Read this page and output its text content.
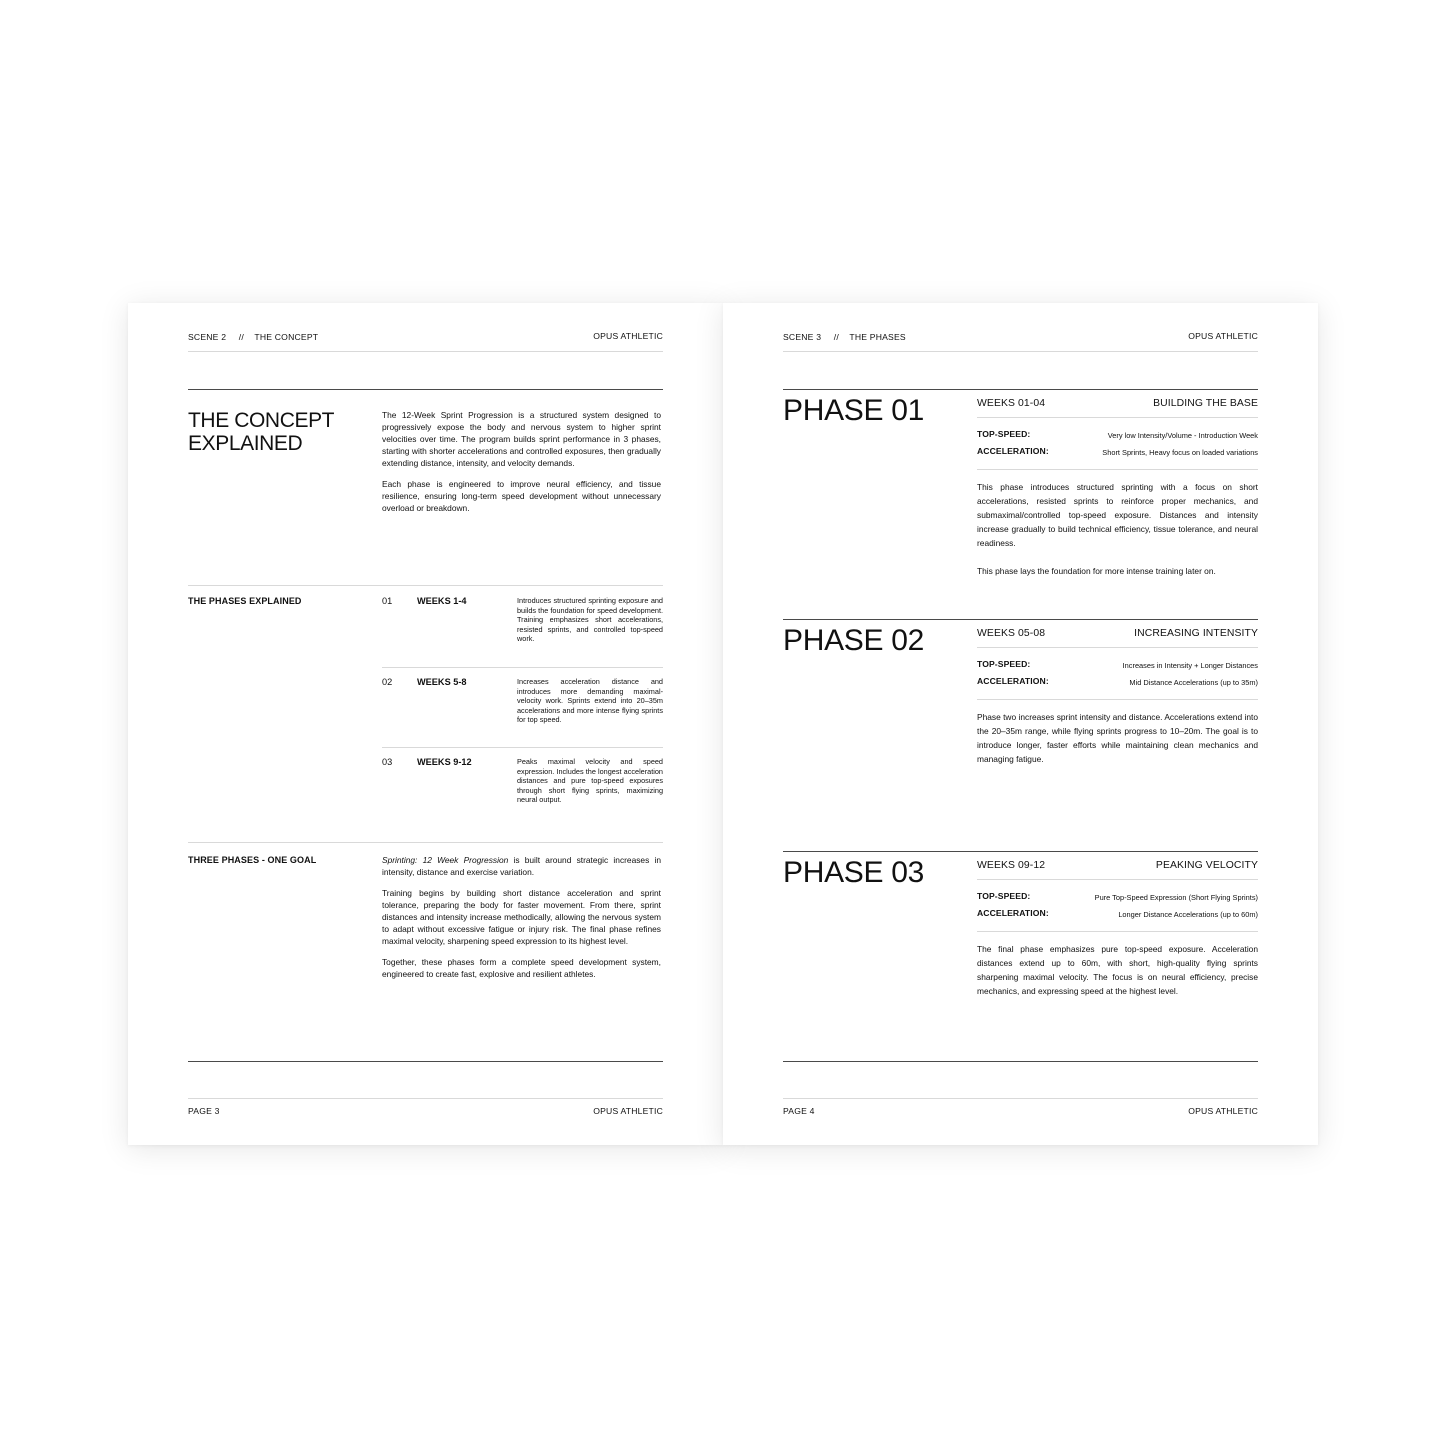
SCENE 2 // THE CONCEPT	OPUS ATHLETIC
THE CONCEPT
EXPLAINED

The 12-Week Sprint Progression is a structured system designed to progressively expose the body and nervous system to higher sprint velocities over time. The program builds sprint performance in 3 phases, starting with shorter accelerations and controlled exposures, then gradually extending distance, intensity, and velocity demands.

Each phase is engineered to improve neural efficiency, and tissue resilience, ensuring long-term speed development without unnecessary overload or breakdown.

THE PHASES EXPLAINED	01	WEEKS 1-4	Introduces structured sprinting exposure and builds the foundation for speed development. Training emphasizes short accelerations, resisted sprints, and controlled top-speed work.
02	WEEKS 5-8	Increases acceleration distance and introduces more demanding maximal-velocity work. Sprints extend into 20–35m accelerations and more intense flying sprints for top speed.
03	WEEKS 9-12	Peaks maximal velocity and speed expression. Includes the longest acceleration distances and pure top-speed exposures through short flying sprints, maximizing neural output.
THREE PHASES - ONE GOAL	Sprinting: 12 Week Progression is built around strategic increases in intensity, distance and exercise variation.

Training begins by building short distance acceleration and sprint tolerance, preparing the body for faster movement. From there, sprint distances and intensity increase methodically, allowing the nervous system to adapt without excessive fatigue or injury risk. The final phase refines maximal velocity, sharpening speed expression to its highest level.

Together, these phases form a complete speed development system, engineered to create fast, explosive and resilient athletes.

PAGE 3	OPUS ATHLETIC
SCENE 3 // THE PHASES	OPUS ATHLETIC
PHASE 01	WEEKS 01-04	BUILDING THE BASE
TOP-SPEED:	Very low Intensity/Volume - Introduction Week
ACCELERATION:	Short Sprints, Heavy focus on loaded variations

This phase introduces structured sprinting with a focus on short accelerations, resisted sprints to reinforce proper mechanics, and submaximal/controlled top-speed exposure. Distances and intensity increase gradually to build technical efficiency, tissue tolerance, and neural readiness.

This phase lays the foundation for more intense training later on.

PHASE 02	WEEKS 05-08	INCREASING INTENSITY
TOP-SPEED:	Increases in Intensity + Longer Distances
ACCELERATION:	Mid Distance Accelerations (up to 35m)

Phase two increases sprint intensity and distance. Accelerations extend into the 20–35m range, while flying sprints progress to 10–20m. The goal is to introduce longer, faster efforts while maintaining clean mechanics and managing fatigue.

PHASE 03	WEEKS 09-12	PEAKING VELOCITY
TOP-SPEED:	Pure Top-Speed Expression (Short Flying Sprints)
ACCELERATION:	Longer Distance Accelerations (up to 60m)

The final phase emphasizes pure top-speed exposure. Acceleration distances extend up to 60m, with short, high-quality flying sprints sharpening maximal velocity. The focus is on neural efficiency, precise mechanics, and expressing speed at the highest level.

PAGE 4	OPUS ATHLETIC
